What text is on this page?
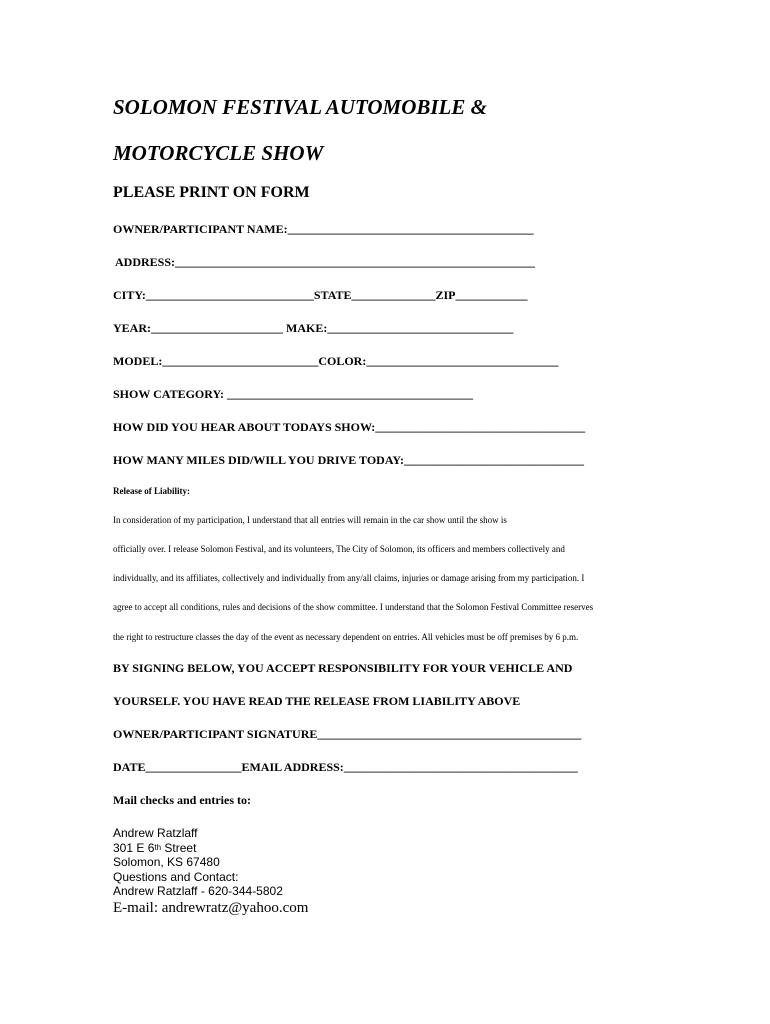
SOLOMON FESTIVAL AUTOMOBILE &
MOTORCYCLE SHOW
PLEASE PRINT ON FORM
OWNER/PARTICIPANT NAME:_________________________________________
ADDRESS:____________________________________________________________
CITY:____________________________STATE______________ZIP____________
YEAR:______________________ MAKE:_______________________________
MODEL:__________________________COLOR:________________________________
SHOW CATEGORY: _________________________________________
HOW DID YOU HEAR ABOUT TODAYS SHOW:___________________________________
HOW MANY MILES DID/WILL YOU DRIVE TODAY:______________________________
Release of Liability:
In consideration of my participation, I understand that all entries will remain in the car show until the show is
officially over. I release Solomon Festival, and its volunteers, The City of Solomon, its officers and members collectively and
individually, and its affiliates, collectively and individually from any/all claims, injuries or damage arising from my participation. I
agree to accept all conditions, rules and decisions of the show committee. I understand that the Solomon Festival Committee reserves
the right to restructure classes the day of the event as necessary dependent on entries. All vehicles must be off premises by 6 p.m.
BY SIGNING BELOW, YOU ACCEPT RESPONSIBILITY FOR YOUR VEHICLE AND
YOURSELF. YOU HAVE READ THE RELEASE FROM LIABILITY ABOVE
OWNER/PARTICIPANT SIGNATURE____________________________________________
DATE________________EMAIL ADDRESS:_______________________________________
Mail checks and entries to:
Andrew Ratzlaff
301 E 6th Street
Solomon, KS 67480
Questions and Contact:
Andrew Ratzlaff - 620-344-5802
E-mail: andrewratz@yahoo.com
